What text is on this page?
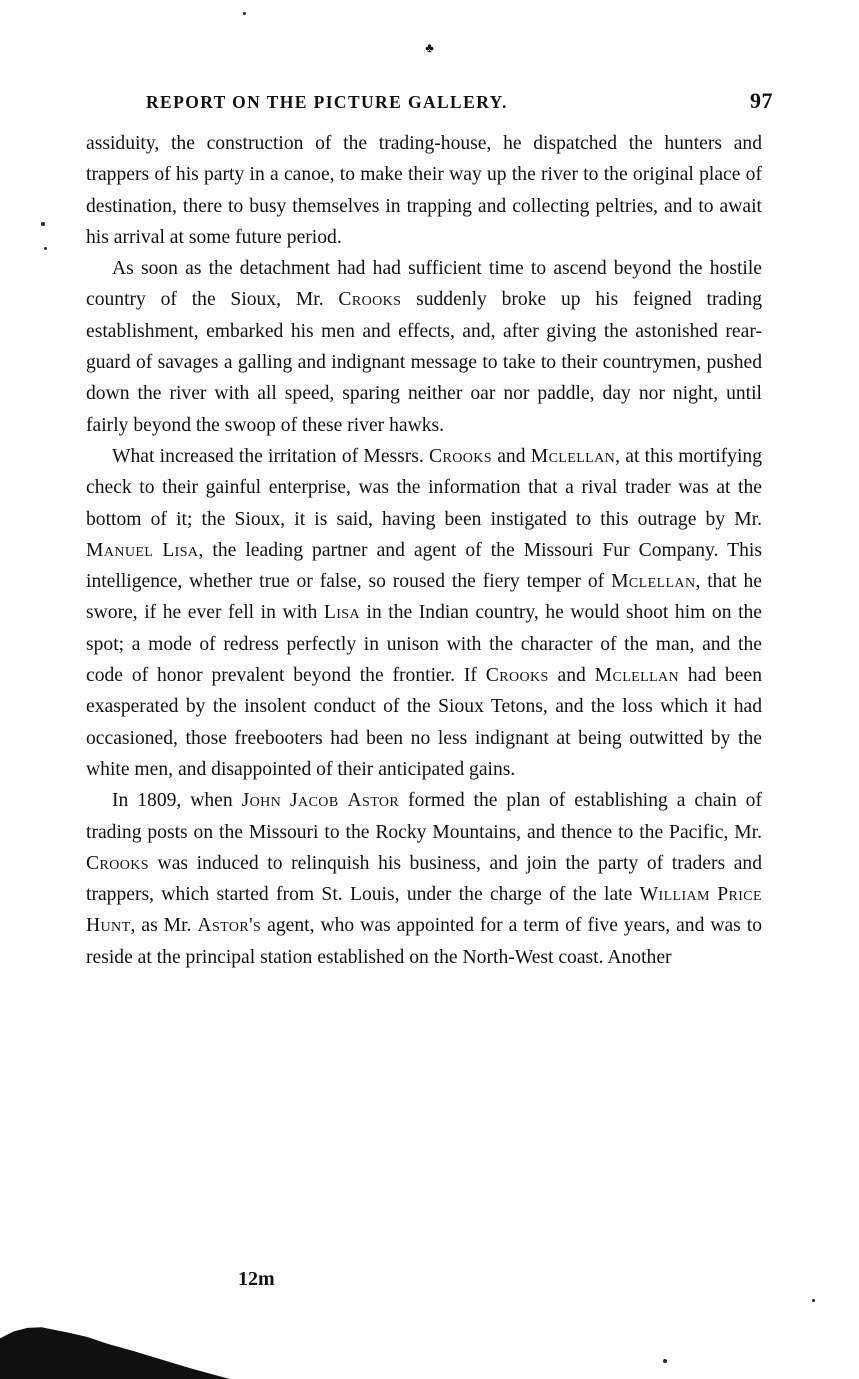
♣
REPORT ON THE PICTURE GALLERY.	97

assiduity, the construction of the trading-house, he dispatched the hunters and trappers of his party in a canoe, to make their way up the river to the original place of destination, there to busy themselves in trapping and collecting peltries, and to await his arrival at some future period.

As soon as the detachment had had sufficient time to ascend beyond the hostile country of the Sioux, Mr. Crooks suddenly broke up his feigned trading establishment, embarked his men and effects, and, after giving the astonished rear-guard of savages a galling and indignant message to take to their countrymen, pushed down the river with all speed, sparing neither oar nor paddle, day nor night, until fairly beyond the swoop of these river hawks.

What increased the irritation of Messrs. Crooks and Mclellan, at this mortifying check to their gainful enterprise, was the information that a rival trader was at the bottom of it; the Sioux, it is said, having been instigated to this outrage by Mr. Manuel Lisa, the leading partner and agent of the Missouri Fur Company. This intelligence, whether true or false, so roused the fiery temper of Mclellan, that he swore, if he ever fell in with Lisa in the Indian country, he would shoot him on the spot; a mode of redress perfectly in unison with the character of the man, and the code of honor prevalent beyond the frontier. If Crooks and Mclellan had been exasperated by the insolent conduct of the Sioux Tetons, and the loss which it had occasioned, those freebooters had been no less indignant at being outwitted by the white men, and disappointed of their anticipated gains.

In 1809, when John Jacob Astor formed the plan of establishing a chain of trading posts on the Missouri to the Rocky Mountains, and thence to the Pacific, Mr. Crooks was induced to relinquish his business, and join the party of traders and trappers, which started from St. Louis, under the charge of the late William Price Hunt, as Mr. Astor's agent, who was appointed for a term of five years, and was to reside at the principal station established on the North-West coast. Another

12m
